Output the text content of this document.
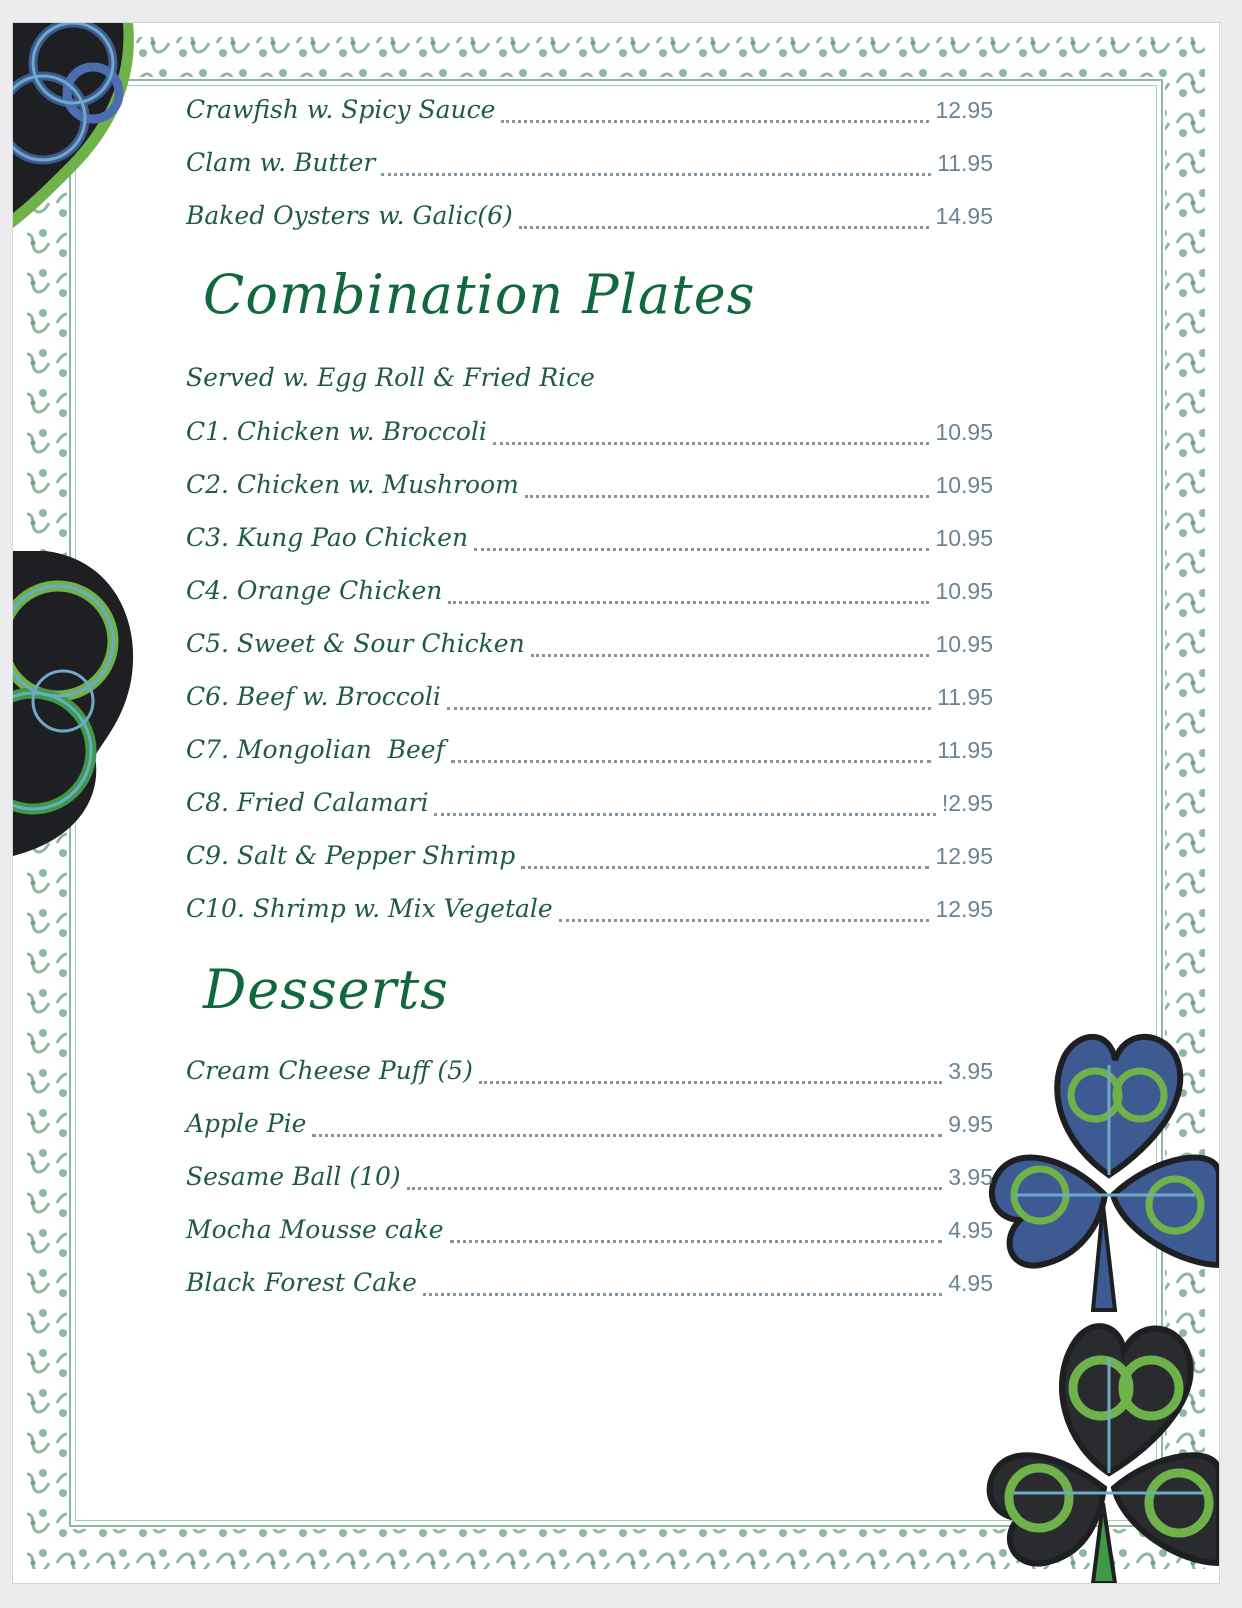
Crawfish w. Spicy Sauce	12.95
Clam w. Butter	11.95
Baked Oysters w. Galic(6)	14.95
Combination Plates
Served w. Egg Roll & Fried Rice
C1. Chicken w. Broccoli	10.95
C2. Chicken w. Mushroom	10.95
C3. Kung Pao Chicken	10.95
C4. Orange Chicken	10.95
C5. Sweet & Sour Chicken	10.95
C6. Beef w. Broccoli	11.95
C7. Mongolian  Beef	11.95
C8. Fried Calamari	!2.95
C9. Salt & Pepper Shrimp	12.95
C10. Shrimp w. Mix Vegetale	12.95
Desserts
Cream Cheese Puff (5)	3.95
Apple Pie	9.95
Sesame Ball (10)	3.95
Mocha Mousse cake	4.95
Black Forest Cake	4.95
